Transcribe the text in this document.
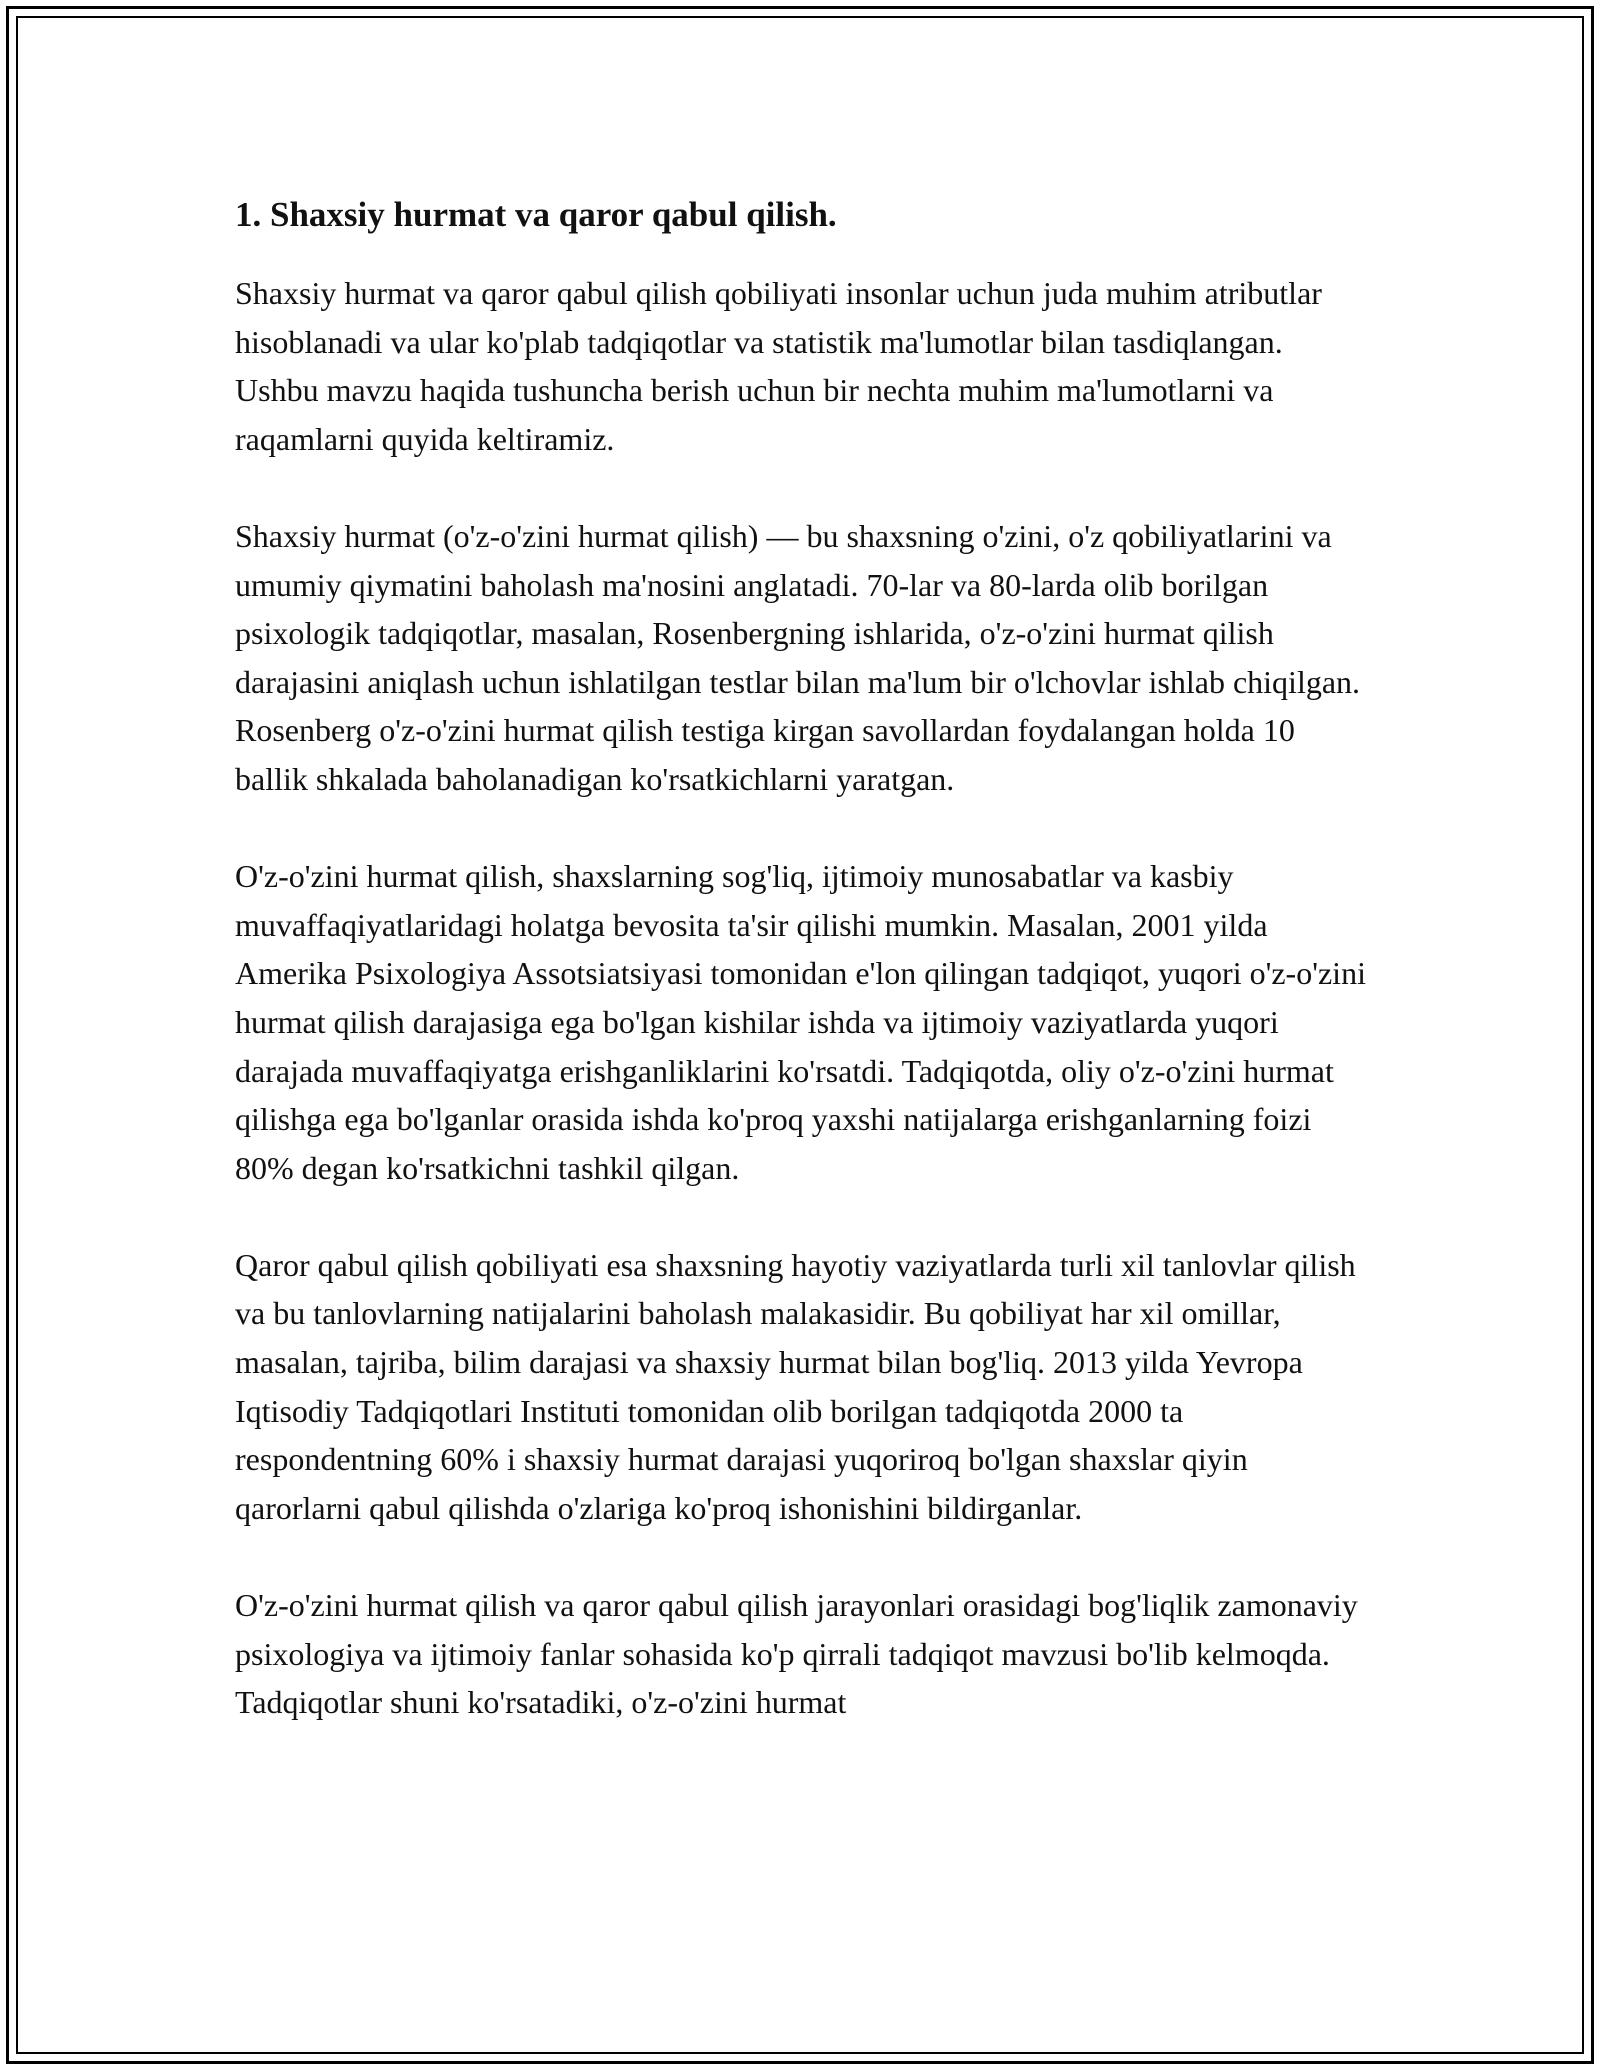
1. Shaxsiy hurmat va qaror qabul qilish.

Shaxsiy hurmat va qaror qabul qilish qobiliyati insonlar uchun juda muhim atributlar hisoblanadi va ular ko'plab tadqiqotlar va statistik ma'lumotlar bilan tasdiqlangan. Ushbu mavzu haqida tushuncha berish uchun bir nechta muhim ma'lumotlarni va raqamlarni quyida keltiramiz.

Shaxsiy hurmat (o'z-o'zini hurmat qilish) — bu shaxsning o'zini, o'z qobiliyatlarini va umumiy qiymatini baholash ma'nosini anglatadi. 70-lar va 80-larda olib borilgan psixologik tadqiqotlar, masalan, Rosenbergning ishlarida, o'z-o'zini hurmat qilish darajasini aniqlash uchun ishlatilgan testlar bilan ma'lum bir o'lchovlar ishlab chiqilgan. Rosenberg o'z-o'zini hurmat qilish testiga kirgan savollardan foydalangan holda 10 ballik shkalada baholanadigan ko'rsatkichlarni yaratgan.

O'z-o'zini hurmat qilish, shaxslarning sog'liq, ijtimoiy munosabatlar va kasbiy muvaffaqiyatlaridagi holatga bevosita ta'sir qilishi mumkin. Masalan, 2001 yilda Amerika Psixologiya Assotsiatsiyasi tomonidan e'lon qilingan tadqiqot, yuqori o'z-o'zini hurmat qilish darajasiga ega bo'lgan kishilar ishda va ijtimoiy vaziyatlarda yuqori darajada muvaffaqiyatga erishganliklarini ko'rsatdi. Tadqiqotda, oliy o'z-o'zini hurmat qilishga ega bo'lganlar orasida ishda ko'proq yaxshi natijalarga erishganlarning foizi 80% degan ko'rsatkichni tashkil qilgan.

Qaror qabul qilish qobiliyati esa shaxsning hayotiy vaziyatlarda turli xil tanlovlar qilish va bu tanlovlarning natijalarini baholash malakasidir. Bu qobiliyat har xil omillar, masalan, tajriba, bilim darajasi va shaxsiy hurmat bilan bog'liq. 2013 yilda Yevropa Iqtisodiy Tadqiqotlari Instituti tomonidan olib borilgan tadqiqotda 2000 ta respondentning 60% i shaxsiy hurmat darajasi yuqoriroq bo'lgan shaxslar qiyin qarorlarni qabul qilishda o'zlariga ko'proq ishonishini bildirganlar.

O'z-o'zini hurmat qilish va qaror qabul qilish jarayonlari orasidagi bog'liqlik zamonaviy psixologiya va ijtimoiy fanlar sohasida ko'p qirrali tadqiqot mavzusi bo'lib kelmoqda. Tadqiqotlar shuni ko'rsatadiki, o'z-o'zini hurmat
